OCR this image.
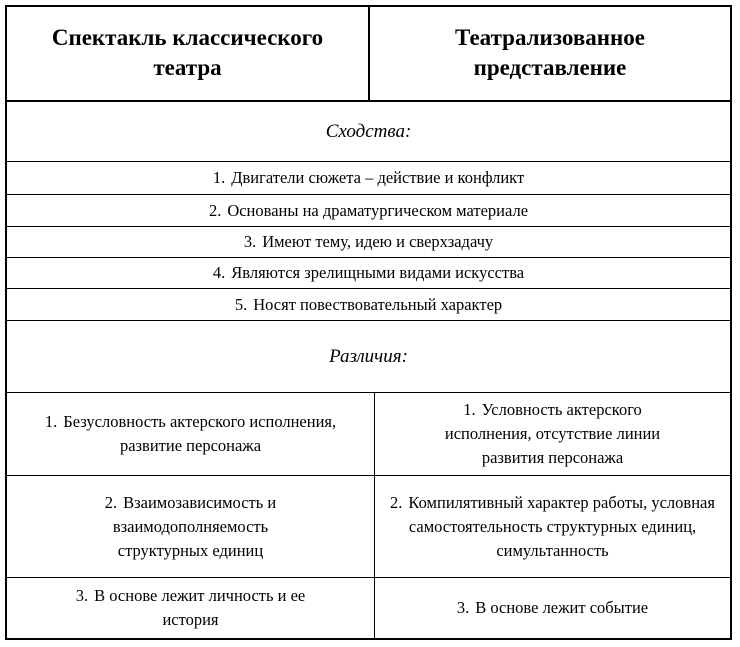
Спектакль классического театра
Театрализованное представление
Сходства:
1. Двигатели сюжета – действие и конфликт
2. Основаны на драматургическом материале
3. Имеют тему, идею и сверхзадачу
4. Являются зрелищными видами искусства
5. Носят повествовательный характер
Различия:
1. Безусловность актерского исполнения, развитие персонажа
1. Условность актерского исполнения, отсутствие линии развития персонажа
2. Взаимозависимость и взаимодополняемость структурных единиц
2. Компилятивный характер работы, условная самостоятельность структурных единиц, симультанность
3. В основе лежит личность и ее история
3. В основе лежит событие
